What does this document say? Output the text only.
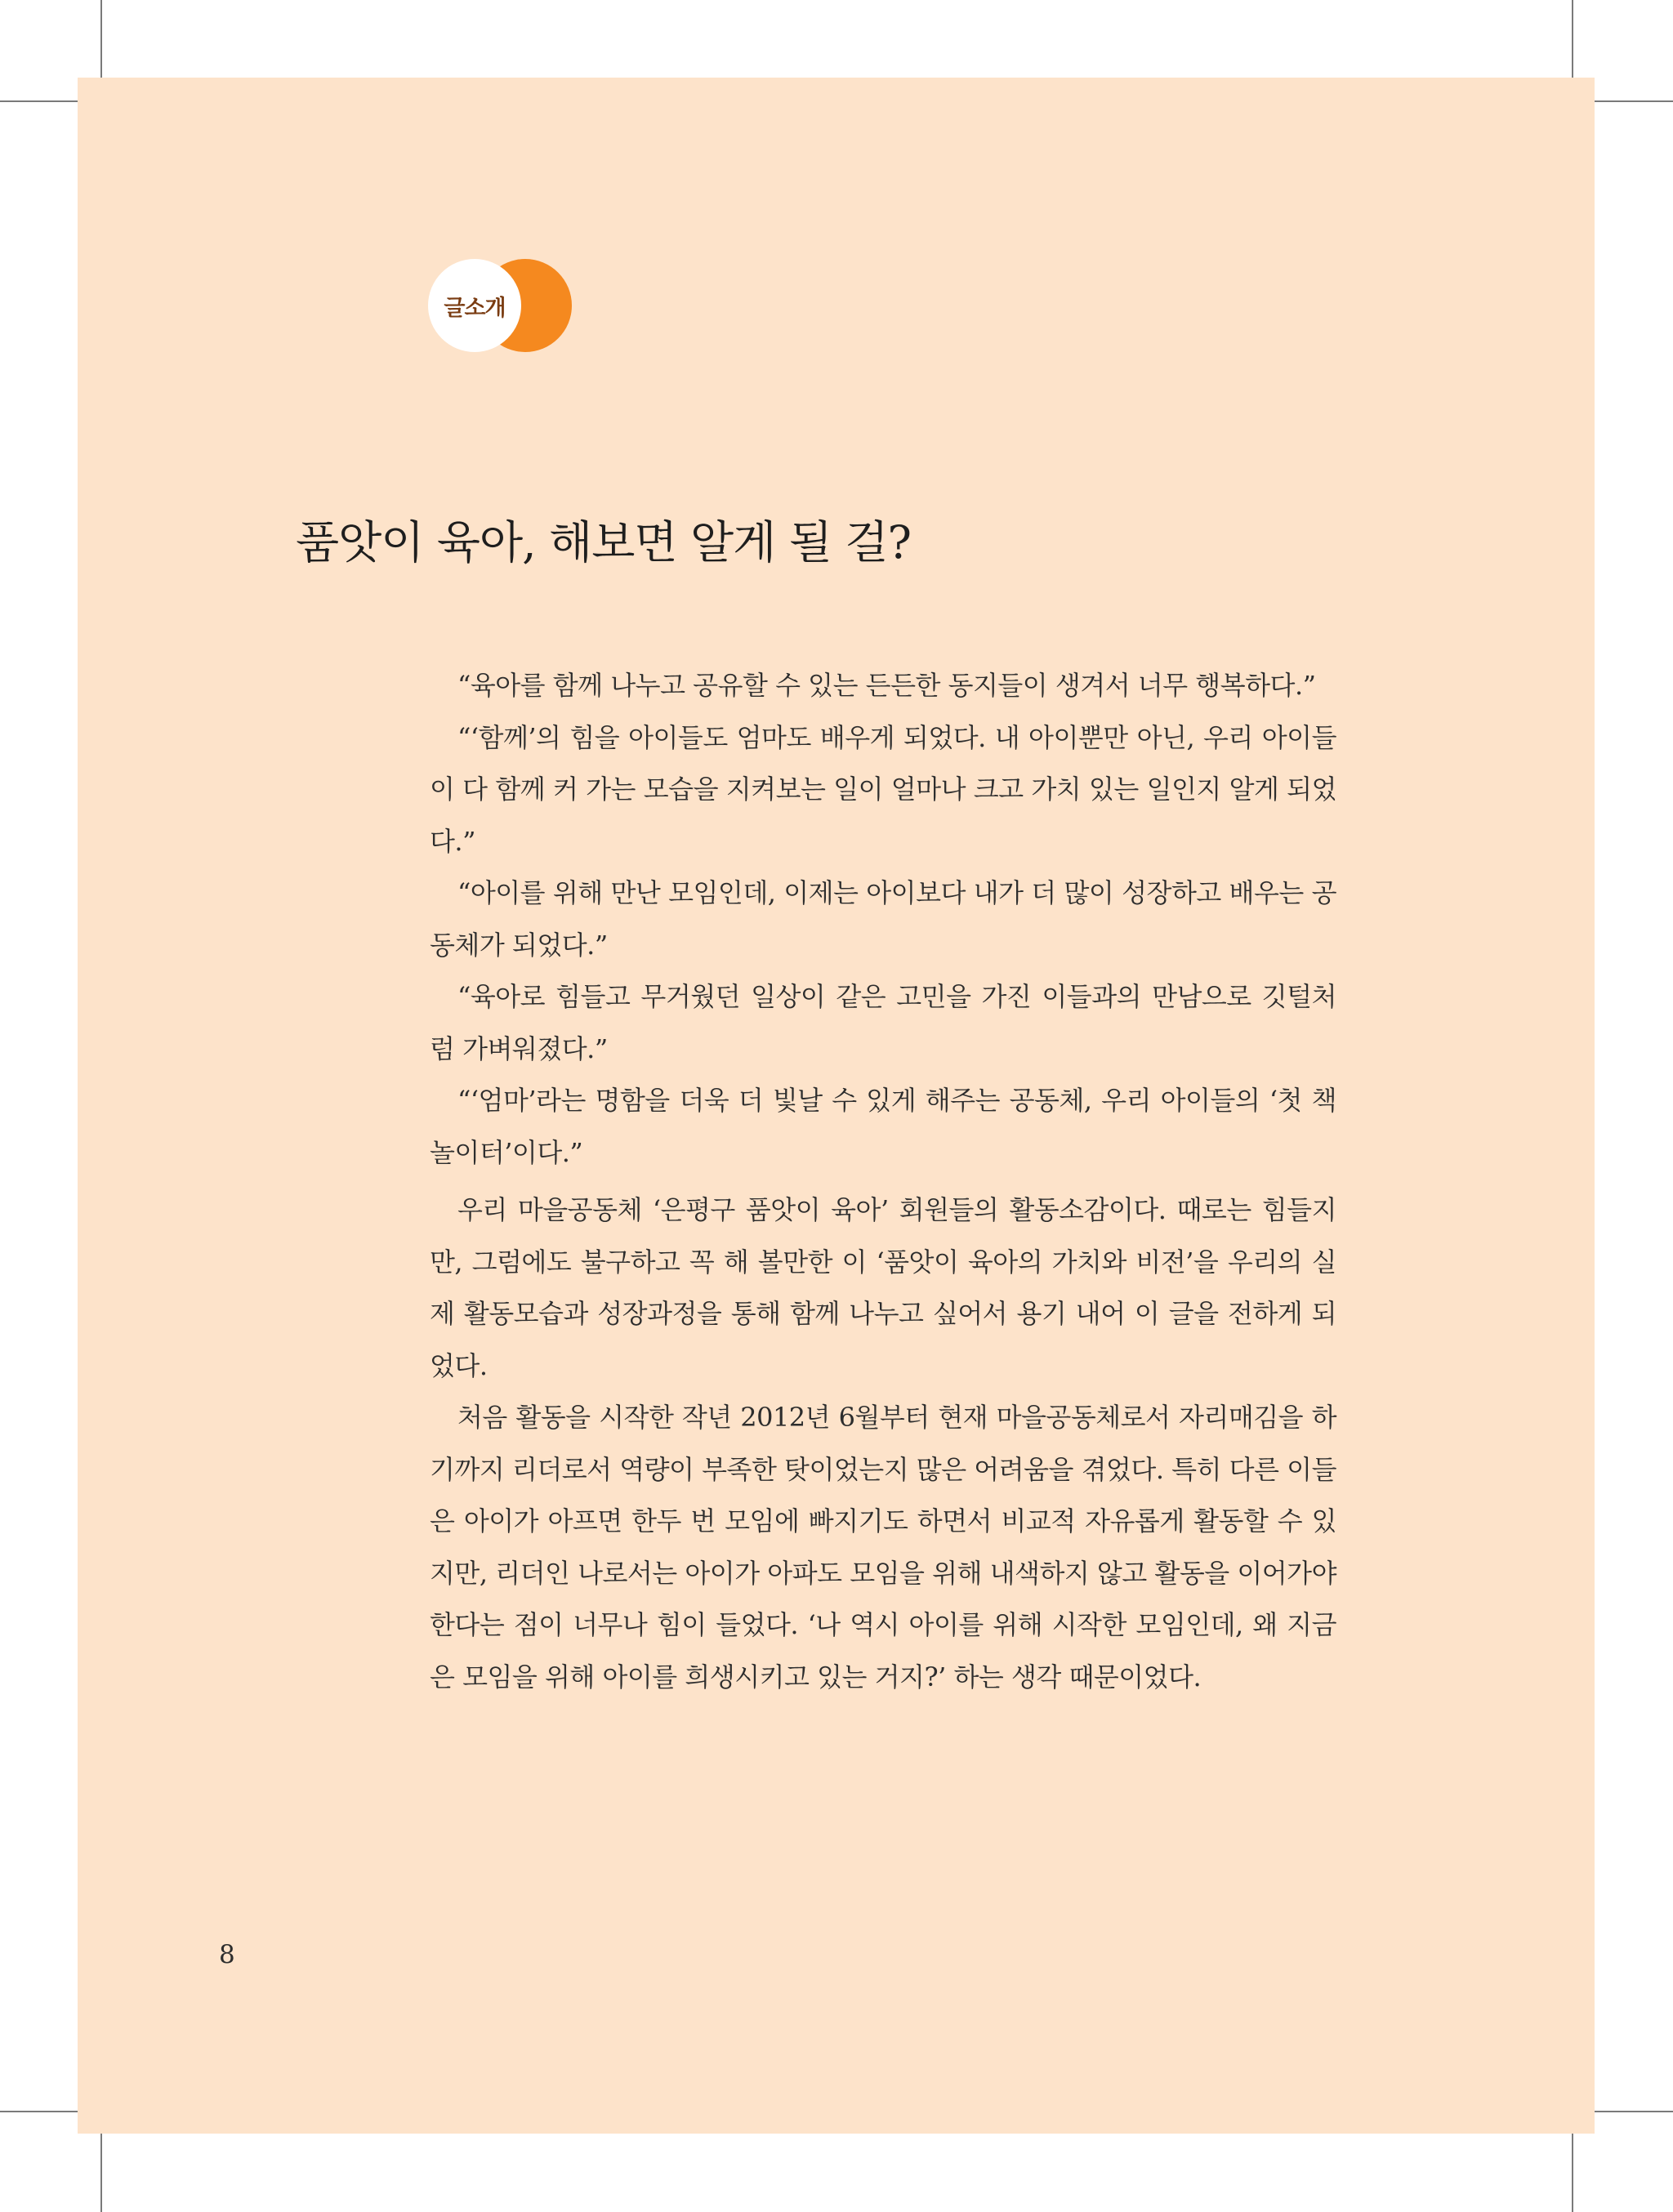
글소개
품앗이 육아, 해보면 알게 될 걸?

“육아를 함께 나누고 공유할 수 있는 든든한 동지들이 생겨서 너무 행복하다.”

“‘함께’의 힘을 아이들도 엄마도 배우게 되었다. 내 아이뿐만 아닌, 우리 아이들이 다 함께 커 가는 모습을 지켜보는 일이 얼마나 크고 가치 있는 일인지 알게 되었다.”

“아이를 위해 만난 모임인데, 이제는 아이보다 내가 더 많이 성장하고 배우는 공동체가 되었다.”

“육아로 힘들고 무거웠던 일상이 같은 고민을 가진 이들과의 만남으로 깃털처럼 가벼워졌다.”

“‘엄마’라는 명함을 더욱 더 빛날 수 있게 해주는 공동체, 우리 아이들의 ‘첫 책 놀이터’이다.”

우리 마을공동체 ‘은평구 품앗이 육아’ 회원들의 활동소감이다. 때로는 힘들지만, 그럼에도 불구하고 꼭 해 볼만한 이 ‘품앗이 육아의 가치와 비전’을 우리의 실제 활동모습과 성장과정을 통해 함께 나누고 싶어서 용기 내어 이 글을 전하게 되었다.

처음 활동을 시작한 작년 2012년 6월부터 현재 마을공동체로서 자리매김을 하기까지 리더로서 역량이 부족한 탓이었는지 많은 어려움을 겪었다. 특히 다른 이들은 아이가 아프면 한두 번 모임에 빠지기도 하면서 비교적 자유롭게 활동할 수 있지만, 리더인 나로서는 아이가 아파도 모임을 위해 내색하지 않고 활동을 이어가야 한다는 점이 너무나 힘이 들었다. ‘나 역시 아이를 위해 시작한 모임인데, 왜 지금은 모임을 위해 아이를 희생시키고 있는 거지?’ 하는 생각 때문이었다.

8
